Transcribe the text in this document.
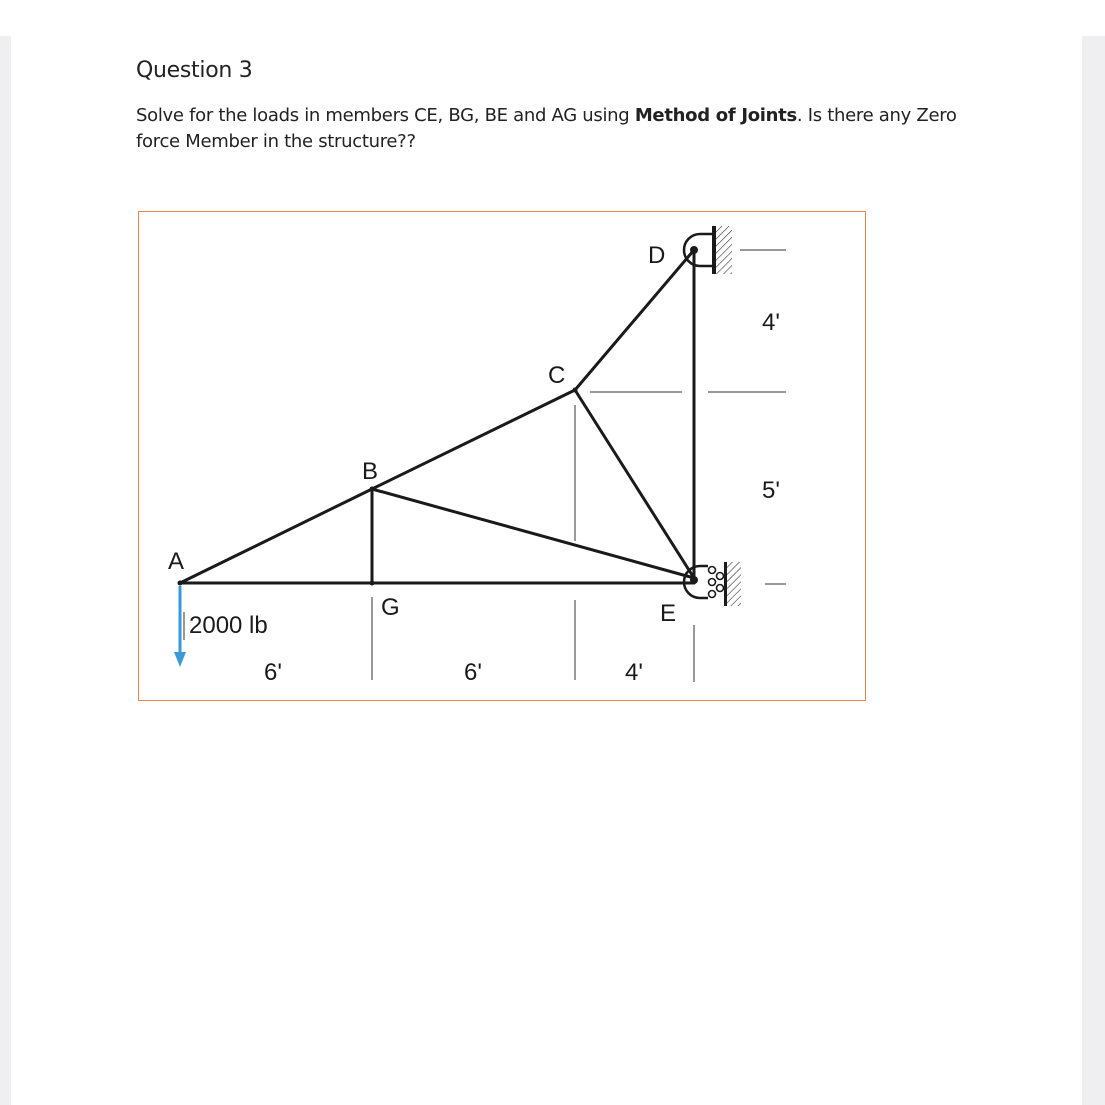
Question 3
Solve for the loads in members CE, BG, BE and AG using Method of Joints. Is there any Zero force Member in the structure??
A
B
C
D
G	E
2000 lb
6'	6'	4'
4'
5'
